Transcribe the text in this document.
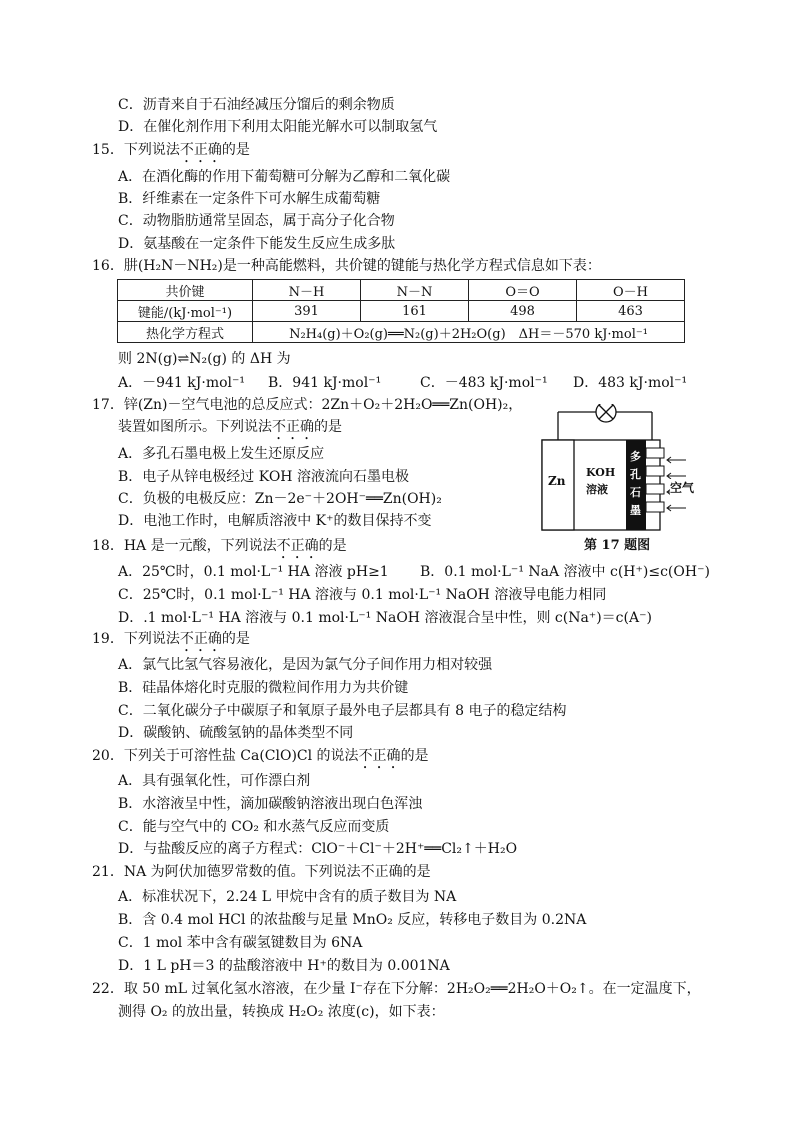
C．沥青来自于石油经减压分馏后的剩余物质
D．在催化剂作用下利用太阳能光解水可以制取氢气
15．下列说法不正确的是
A．在酒化酶的作用下葡萄糖可分解为乙醇和二氧化碳
B．纤维素在一定条件下可水解生成葡萄糖
C．动物脂肪通常呈固态，属于高分子化合物
D．氨基酸在一定条件下能发生反应生成多肽
16．肼(H₂N－NH₂)是一种高能燃料，共价键的键能与热化学方程式信息如下表：
共价键	N－H	N－N	O＝O	O－H
键能/(kJ·mol⁻¹)	391	161	498	463
热化学方程式	N₂H₄(g)＋O₂(g)══N₂(g)＋2H₂O(g)　ΔH＝－570 kJ·mol⁻¹			
则 2N(g)⇌N₂(g) 的 ΔH 为
A．－941 kJ·mol⁻¹ B．941 kJ·mol⁻¹	C．－483 kJ·mol⁻¹ D．483 kJ·mol⁻¹
17．锌(Zn)－空气电池的总反应式：2Zn＋O₂＋2H₂O══Zn(OH)₂，
装置如图所示。下列说法不正确的是
A．多孔石墨电极上发生还原反应
B．电子从锌电极经过 KOH 溶液流向石墨电极
C．负极的电极反应：Zn－2e⁻＋2OH⁻══Zn(OH)₂
D．电池工作时，电解质溶液中 K⁺的数目保持不变
Zn
KOH
溶液
多
孔
石
墨
空气
第 17 题图
18．HA 是一元酸，下列说法不正确的是
A．25℃时，0.1 mol·L⁻¹ HA 溶液 pH≥1 B．0.1 mol·L⁻¹ NaA 溶液中 c(H⁺)≤c(OH⁻)
C．25℃时，0.1 mol·L⁻¹ HA 溶液与 0.1 mol·L⁻¹ NaOH 溶液导电能力相同
D．.1 mol·L⁻¹ HA 溶液与 0.1 mol·L⁻¹ NaOH 溶液混合呈中性，则 c(Na⁺)＝c(A⁻)
19．下列说法不正确的是
A．氯气比氢气容易液化，是因为氯气分子间作用力相对较强
B．硅晶体熔化时克服的微粒间作用力为共价键
C．二氧化碳分子中碳原子和氧原子最外电子层都具有 8 电子的稳定结构
D．碳酸钠、硫酸氢钠的晶体类型不同
20．下列关于可溶性盐 Ca(ClO)Cl 的说法不正确的是
A．具有强氧化性，可作漂白剂
B．水溶液呈中性，滴加碳酸钠溶液出现白色浑浊
C．能与空气中的 CO₂ 和水蒸气反应而变质
D．与盐酸反应的离子方程式：ClO⁻＋Cl⁻＋2H⁺══Cl₂↑＋H₂O
21．NA 为阿伏加德罗常数的值。下列说法不正确的是
A．标准状况下，2.24 L 甲烷中含有的质子数目为 NA
B．含 0.4 mol HCl 的浓盐酸与足量 MnO₂ 反应，转移电子数目为 0.2NA
C．1 mol 苯中含有碳氢键数目为 6NA
D．1 L pH＝3 的盐酸溶液中 H⁺的数目为 0.001NA
22．取 50 mL 过氧化氢水溶液，在少量 I⁻存在下分解：2H₂O₂══2H₂O＋O₂↑。在一定温度下，
测得 O₂ 的放出量，转换成 H₂O₂ 浓度(c)，如下表：
